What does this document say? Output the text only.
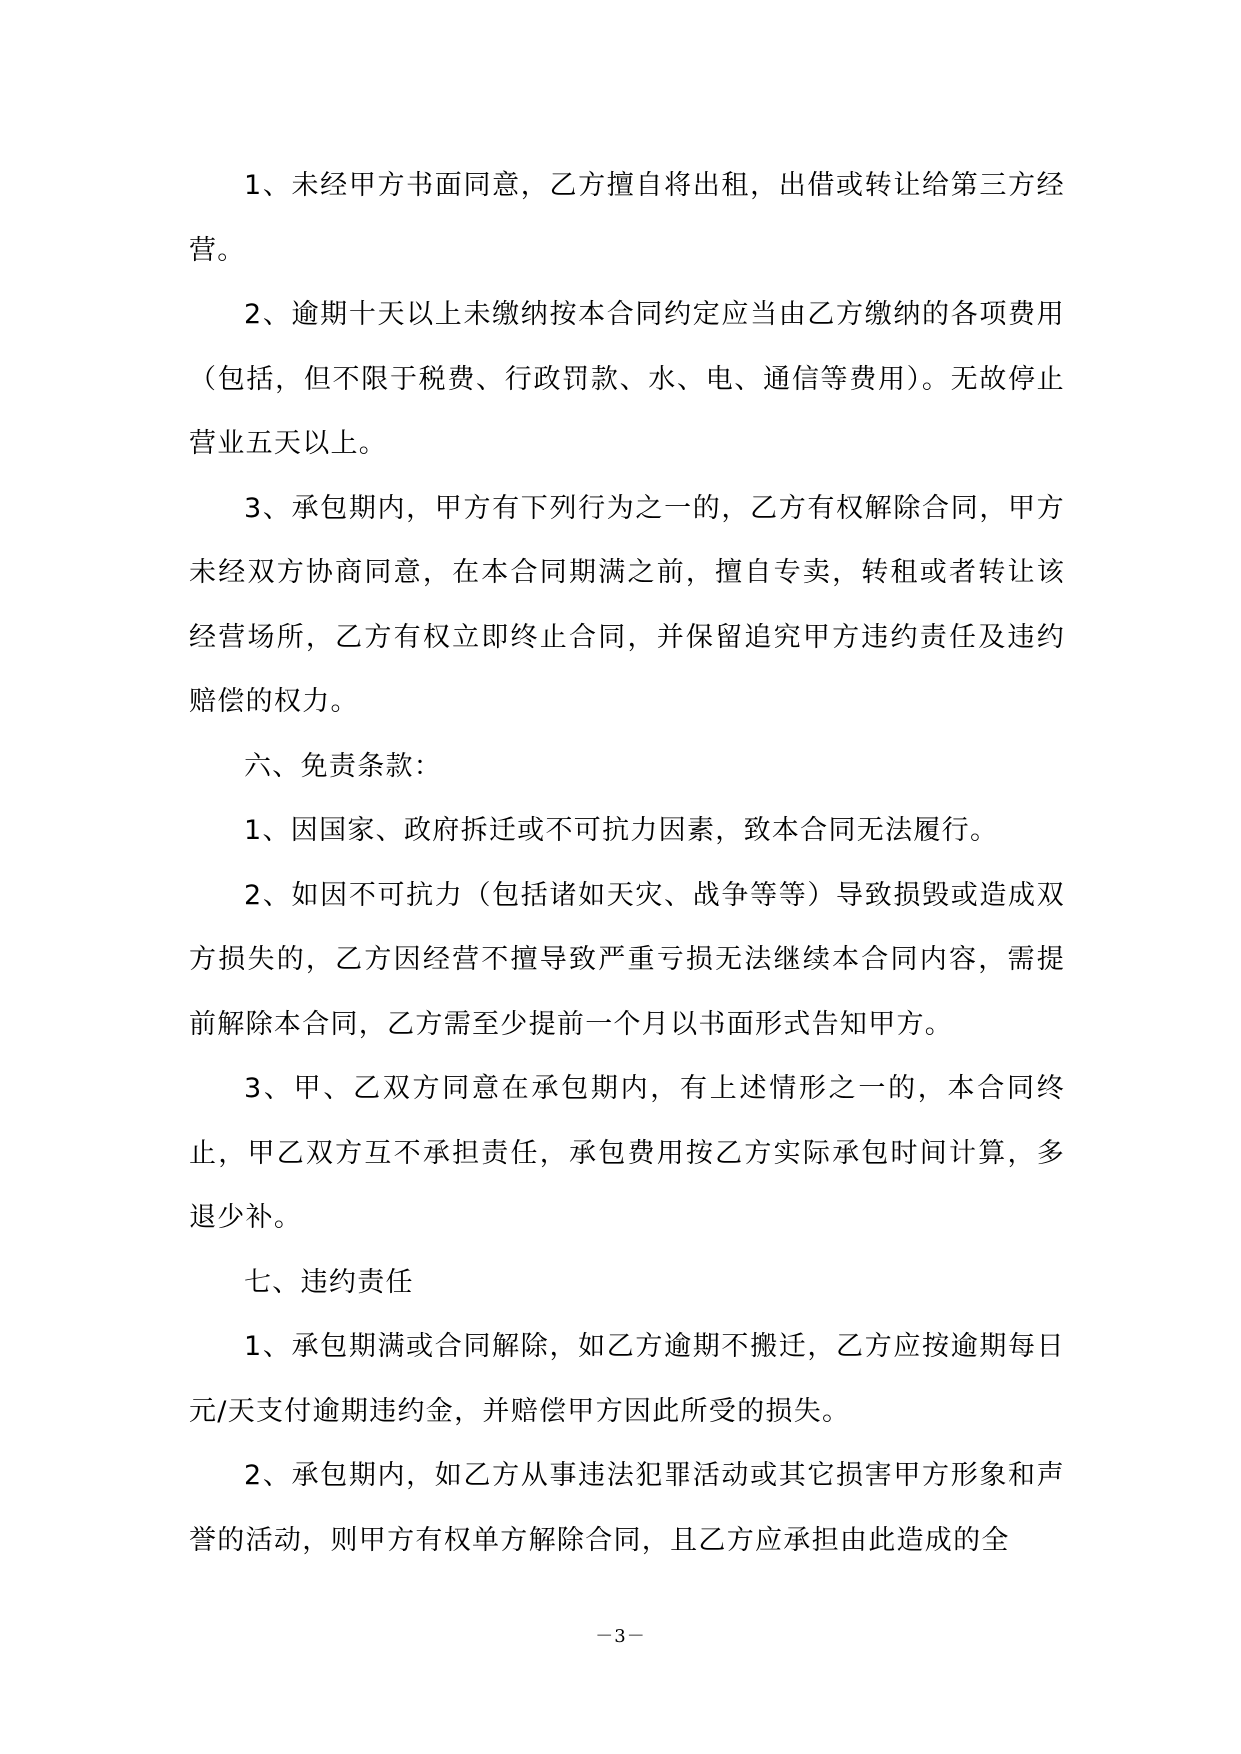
1、未经甲方书面同意，乙方擅自将出租，出借或转让给第三方经营。

2、逾期十天以上未缴纳按本合同约定应当由乙方缴纳的各项费用（包括，但不限于税费、行政罚款、水、电、通信等费用）。无故停止营业五天以上。

3、承包期内，甲方有下列行为之一的，乙方有权解除合同，甲方未经双方协商同意，在本合同期满之前，擅自专卖，转租或者转让该经营场所，乙方有权立即终止合同，并保留追究甲方违约责任及违约赔偿的权力。

六、免责条款：

1、因国家、政府拆迁或不可抗力因素，致本合同无法履行。

2、如因不可抗力（包括诸如天灾、战争等等）导致损毁或造成双方损失的，乙方因经营不擅导致严重亏损无法继续本合同内容，需提前解除本合同，乙方需至少提前一个月以书面形式告知甲方。

3、甲、乙双方同意在承包期内，有上述情形之一的，本合同终止，甲乙双方互不承担责任，承包费用按乙方实际承包时间计算，多退少补。

七、违约责任

1、承包期满或合同解除，如乙方逾期不搬迁，乙方应按逾期每日元/天支付逾期违约金，并赔偿甲方因此所受的损失。

2、承包期内，如乙方从事违法犯罪活动或其它损害甲方形象和声誉的活动，则甲方有权单方解除合同，且乙方应承担由此造成的全

－3－
